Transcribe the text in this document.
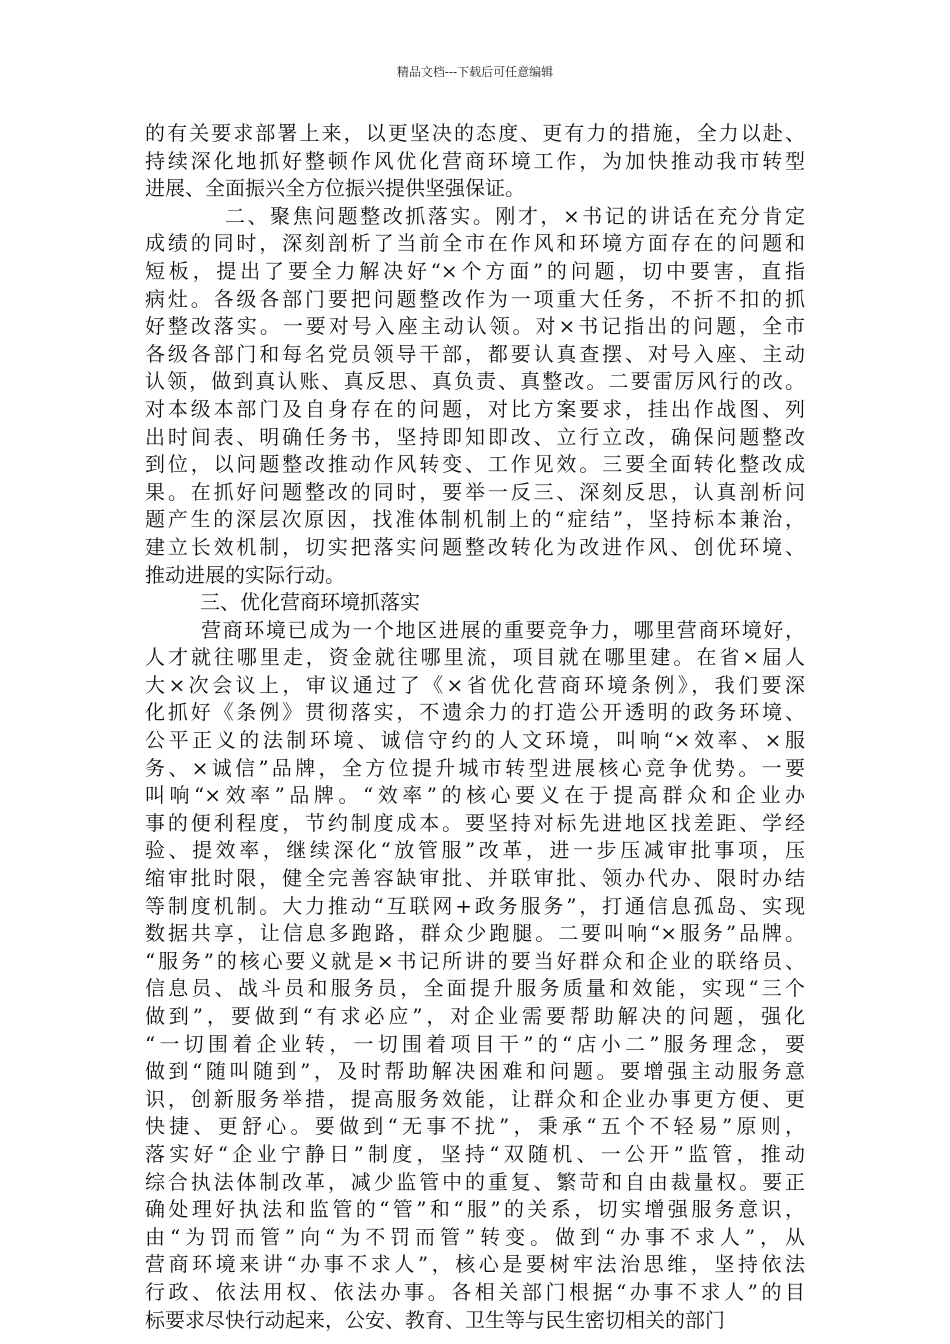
精品文档---下载后可任意编辑
的有关要求部署上来，以更坚决的态度、更有力的措施，全力以赴、
持续深化地抓好整顿作风优化营商环境工作，为加快推动我市转型
进展、全面振兴全方位振兴提供坚强保证。
二、聚焦问题整改抓落实。刚才，×书记的讲话在充分肯定
成绩的同时，深刻剖析了当前全市在作风和环境方面存在的问题和
短板，提出了要全力解决好“×个方面”的问题，切中要害，直指
病灶。各级各部门要把问题整改作为一项重大任务，不折不扣的抓
好整改落实。一要对号入座主动认领。对×书记指出的问题，全市
各级各部门和每名党员领导干部，都要认真查摆、对号入座、主动
认领，做到真认账、真反思、真负责、真整改。二要雷厉风行的改。
对本级本部门及自身存在的问题，对比方案要求，挂出作战图、列
出时间表、明确任务书，坚持即知即改、立行立改，确保问题整改
到位，以问题整改推动作风转变、工作见效。三要全面转化整改成
果。在抓好问题整改的同时，要举一反三、深刻反思，认真剖析问
题产生的深层次原因，找准体制机制上的“症结”，坚持标本兼治，
建立长效机制，切实把落实问题整改转化为改进作风、创优环境、
推动进展的实际行动。
三、优化营商环境抓落实
营商环境已成为一个地区进展的重要竞争力，哪里营商环境好，
人才就往哪里走，资金就往哪里流，项目就在哪里建。在省×届人
大×次会议上，审议通过了《×省优化营商环境条例》，我们要深
化抓好《条例》贯彻落实，不遗余力的打造公开透明的政务环境、
公平正义的法制环境、诚信守约的人文环境，叫响“×效率、×服
务、×诚信”品牌，全方位提升城市转型进展核心竞争优势。一要
叫响“×效率”品牌。“效率”的核心要义在于提高群众和企业办
事的便利程度，节约制度成本。要坚持对标先进地区找差距、学经
验、提效率，继续深化“放管服”改革，进一步压减审批事项，压
缩审批时限，健全完善容缺审批、并联审批、领办代办、限时办结
等制度机制。大力推动“互联网+政务服务”，打通信息孤岛、实现
数据共享，让信息多跑路，群众少跑腿。二要叫响“×服务”品牌。
“服务”的核心要义就是×书记所讲的要当好群众和企业的联络员、
信息员、战斗员和服务员，全面提升服务质量和效能，实现“三个
做到”，要做到“有求必应”，对企业需要帮助解决的问题，强化
“一切围着企业转，一切围着项目干”的“店小二”服务理念，要
做到“随叫随到”，及时帮助解决困难和问题。要增强主动服务意
识，创新服务举措，提高服务效能，让群众和企业办事更方便、更
快捷、更舒心。要做到“无事不扰”，秉承“五个不轻易”原则，
落实好“企业宁静日”制度，坚持“双随机、一公开”监管，推动
综合执法体制改革，减少监管中的重复、繁苛和自由裁量权。要正
确处理好执法和监管的“管”和“服”的关系，切实增强服务意识，
由“为罚而管”向“为不罚而管”转变。做到“办事不求人”，从
营商环境来讲“办事不求人”，核心是要树牢法治思维，坚持依法
行政、依法用权、依法办事。各相关部门根据“办事不求人”的目
标要求尽快行动起来，公安、教育、卫生等与民生密切相关的部门
